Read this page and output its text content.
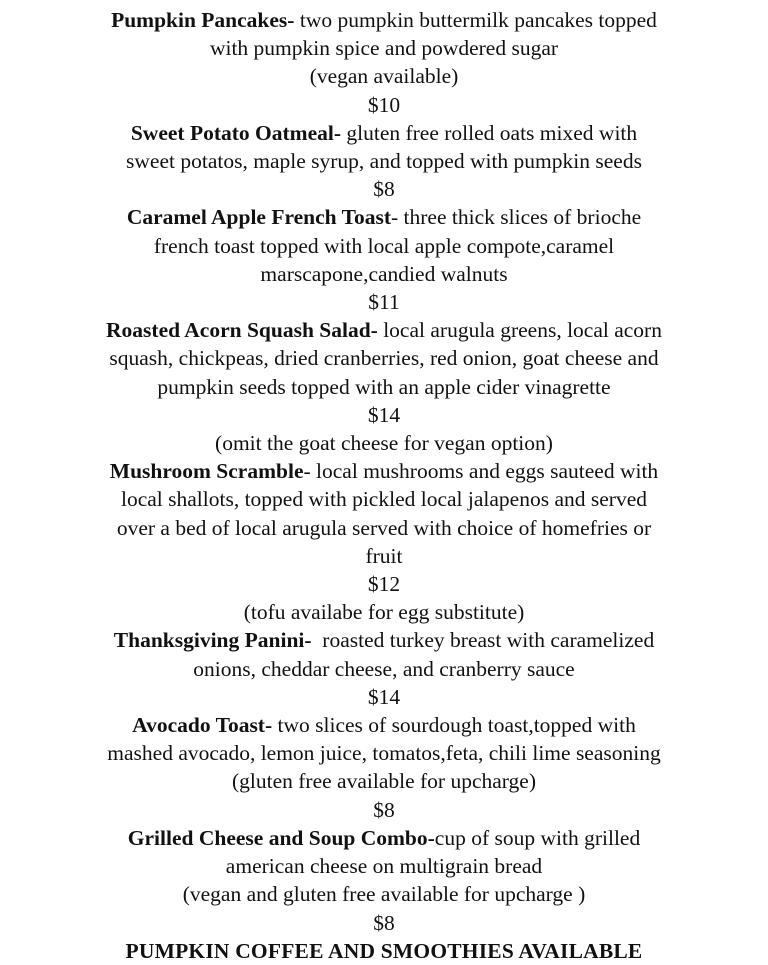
Pumpkin Pancakes- two pumpkin buttermilk pancakes topped
with pumpkin spice and powdered sugar
(vegan available)
$10
Sweet Potato Oatmeal- gluten free rolled oats mixed with
sweet potatos, maple syrup, and topped with pumpkin seeds
$8
Caramel Apple French Toast- three thick slices of brioche
french toast topped with local apple compote,caramel
marscapone,candied walnuts
$11
Roasted Acorn Squash Salad- local arugula greens, local acorn
squash, chickpeas, dried cranberries, red onion, goat cheese and
pumpkin seeds topped with an apple cider vinagrette
$14
(omit the goat cheese for vegan option)
Mushroom Scramble- local mushrooms and eggs sauteed with
local shallots, topped with pickled local jalapenos and served
over a bed of local arugula served with choice of homefries or
fruit
$12
(tofu availabe for egg substitute)
Thanksgiving Panini-  roasted turkey breast with caramelized
onions, cheddar cheese, and cranberry sauce
$14
Avocado Toast- two slices of sourdough toast,topped with
mashed avocado, lemon juice, tomatos,feta, chili lime seasoning
(gluten free available for upcharge)
$8
Grilled Cheese and Soup Combo-cup of soup with grilled
american cheese on multigrain bread
(vegan and gluten free available for upcharge )
$8
PUMPKIN COFFEE AND SMOOTHIES AVAILABLE
